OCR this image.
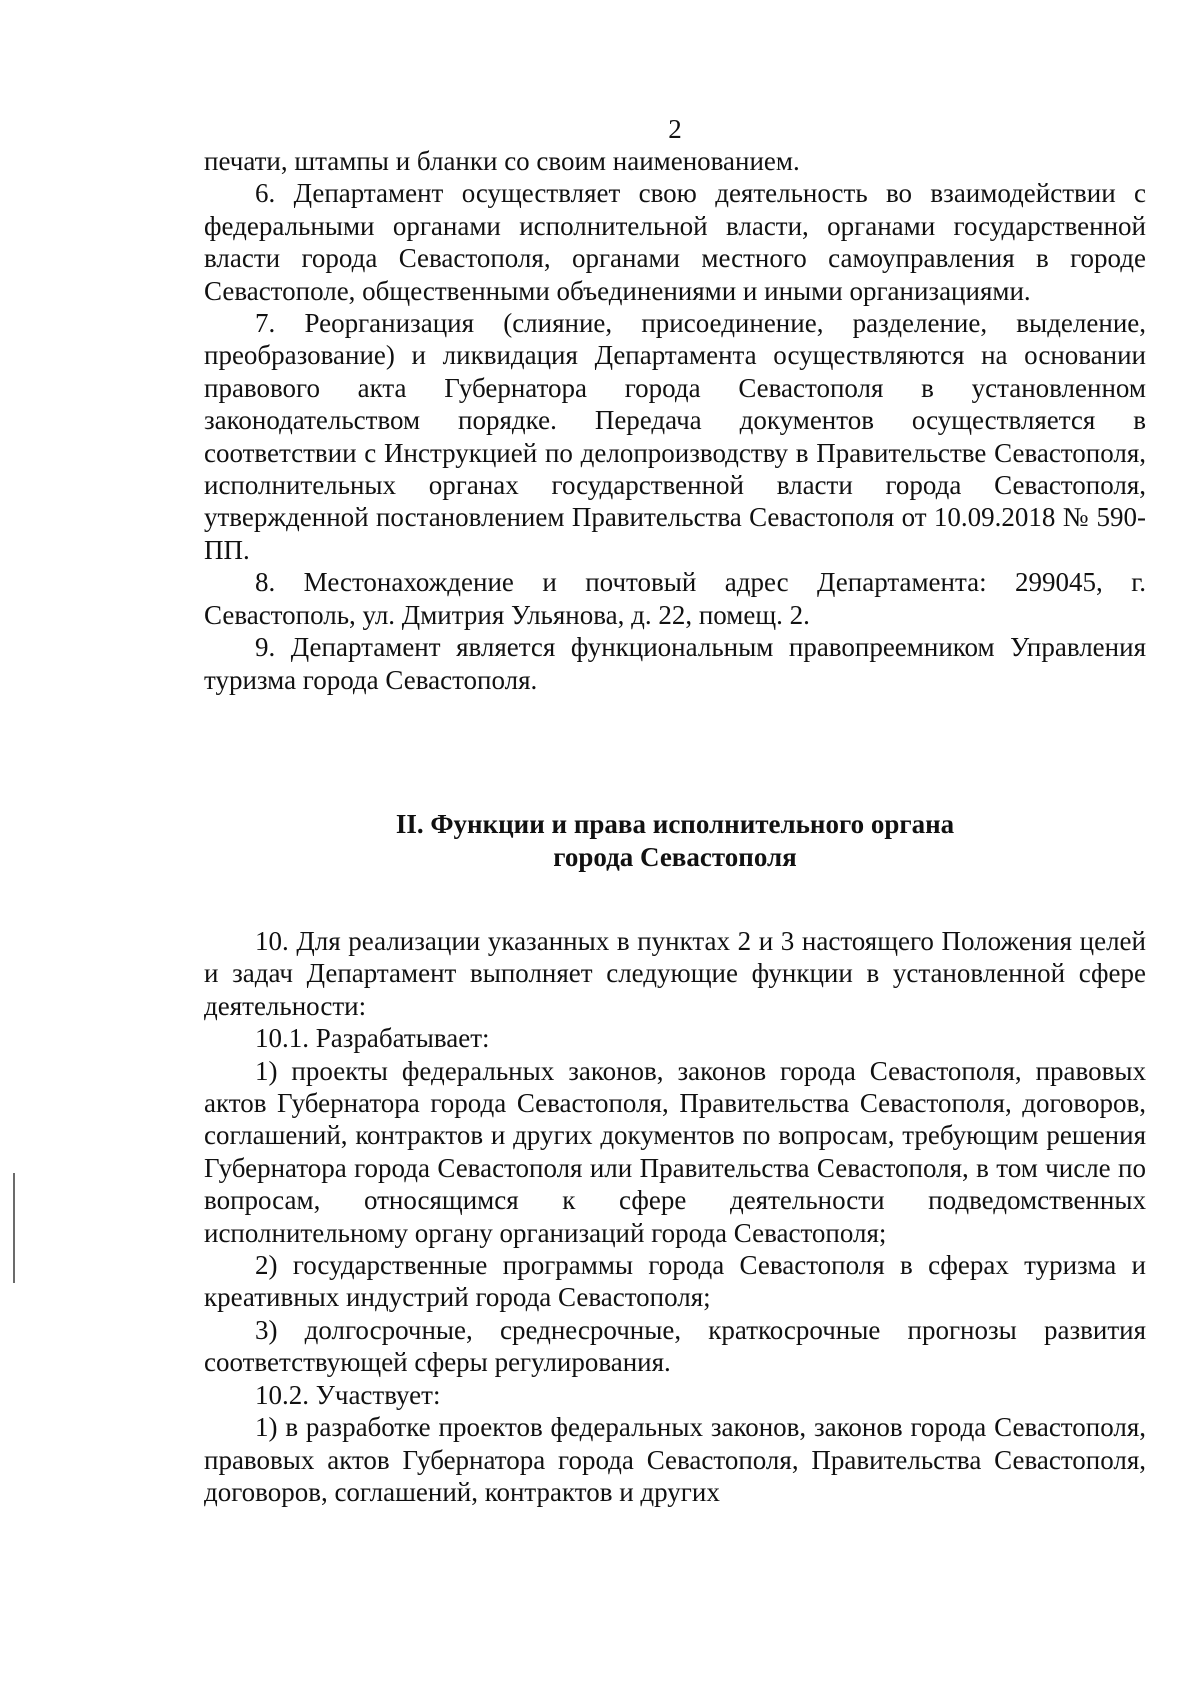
2

печати, штампы и бланки со своим наименованием.

6. Департамент осуществляет свою деятельность во взаимодействии с федеральными органами исполнительной власти, органами государственной власти города Севастополя, органами местного самоуправления в городе Севастополе, общественными объединениями и иными организациями.

7. Реорганизация (слияние, присоединение, разделение, выделение, преобразование) и ликвидация Департамента осуществляются на основании правового акта Губернатора города Севастополя в установленном законодательством порядке. Передача документов осуществляется в соответствии с Инструкцией по делопроизводству в Правительстве Севастополя, исполнительных органах государственной власти города Севастополя, утвержденной постановлением Правительства Севастополя от 10.09.2018 № 590-ПП.

8. Местонахождение и почтовый адрес Департамента: 299045, г. Севастополь, ул. Дмитрия Ульянова, д. 22, помещ. 2.

9. Департамент является функциональным правопреемником Управления туризма города Севастополя.

II. Функции и права исполнительного органа
города Севастополя

10. Для реализации указанных в пунктах 2 и 3 настоящего Положения целей и задач Департамент выполняет следующие функции в установленной сфере деятельности:

10.1. Разрабатывает:

1) проекты федеральных законов, законов города Севастополя, правовых актов Губернатора города Севастополя, Правительства Севастополя, договоров, соглашений, контрактов и других документов по вопросам, требующим решения Губернатора города Севастополя или Правительства Севастополя, в том числе по вопросам, относящимся к сфере деятельности подведомственных исполнительному органу организаций города Севастополя;

2) государственные программы города Севастополя в сферах туризма и креативных индустрий города Севастополя;

3) долгосрочные, среднесрочные, краткосрочные прогнозы развития соответствующей сферы регулирования.

10.2. Участвует:

1) в разработке проектов федеральных законов, законов города Севастополя, правовых актов Губернатора города Севастополя, Правительства Севастополя, договоров, соглашений, контрактов и других
